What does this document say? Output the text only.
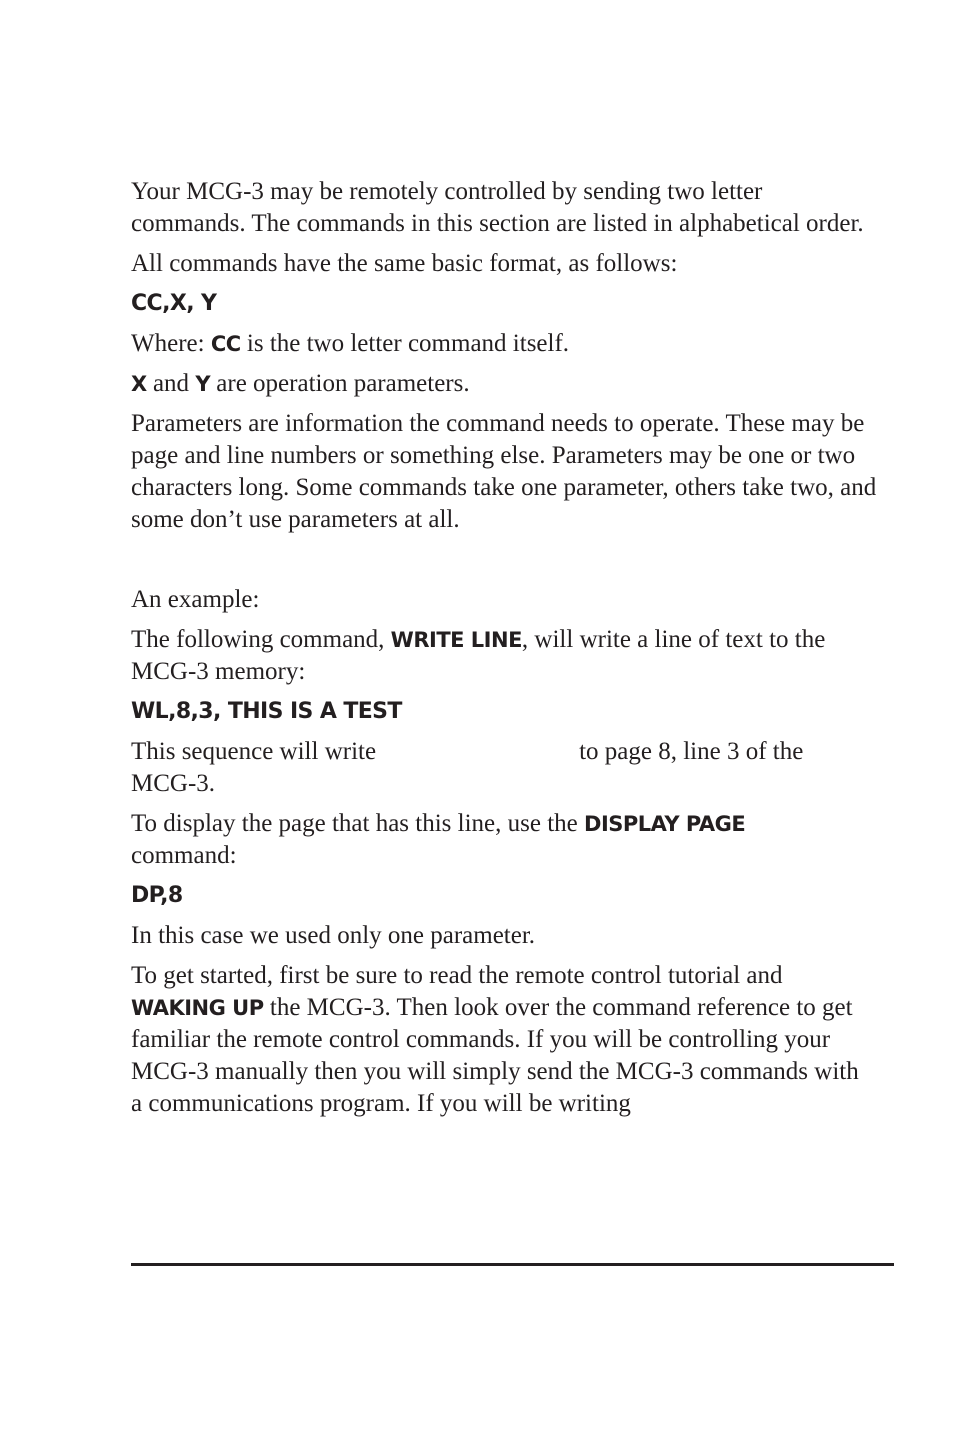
Your MCG-3 may be remotely controlled by sending two letter commands. The commands in this section are listed in alphabetical order.

All commands have the same basic format, as follows:

CC,X, Y

Where: CC is the two letter command itself.

X and Y are operation parameters.

Parameters are information the command needs to operate. These may be page and line numbers or something else. Parameters may be one or two characters long. Some commands take one parameter, others take two, and some don’t use parameters at all.

An example:

The following command, WRITE LINE, will write a line of text to the
MCG-3 memory:

WL,8,3, THIS IS A TEST

This sequence will write	to page 8, line 3 of the
MCG-3.

To display the page that has this line, use the DISPLAY PAGE
command:

DP,8

In this case we used only one parameter.

To get started, first be sure to read the remote control tutorial and
WAKING UP the MCG-3. Then look over the command reference to get familiar the remote control commands. If you will be controlling your MCG-3 manually then you will simply send the MCG-3 commands with a communications program. If you will be writing
